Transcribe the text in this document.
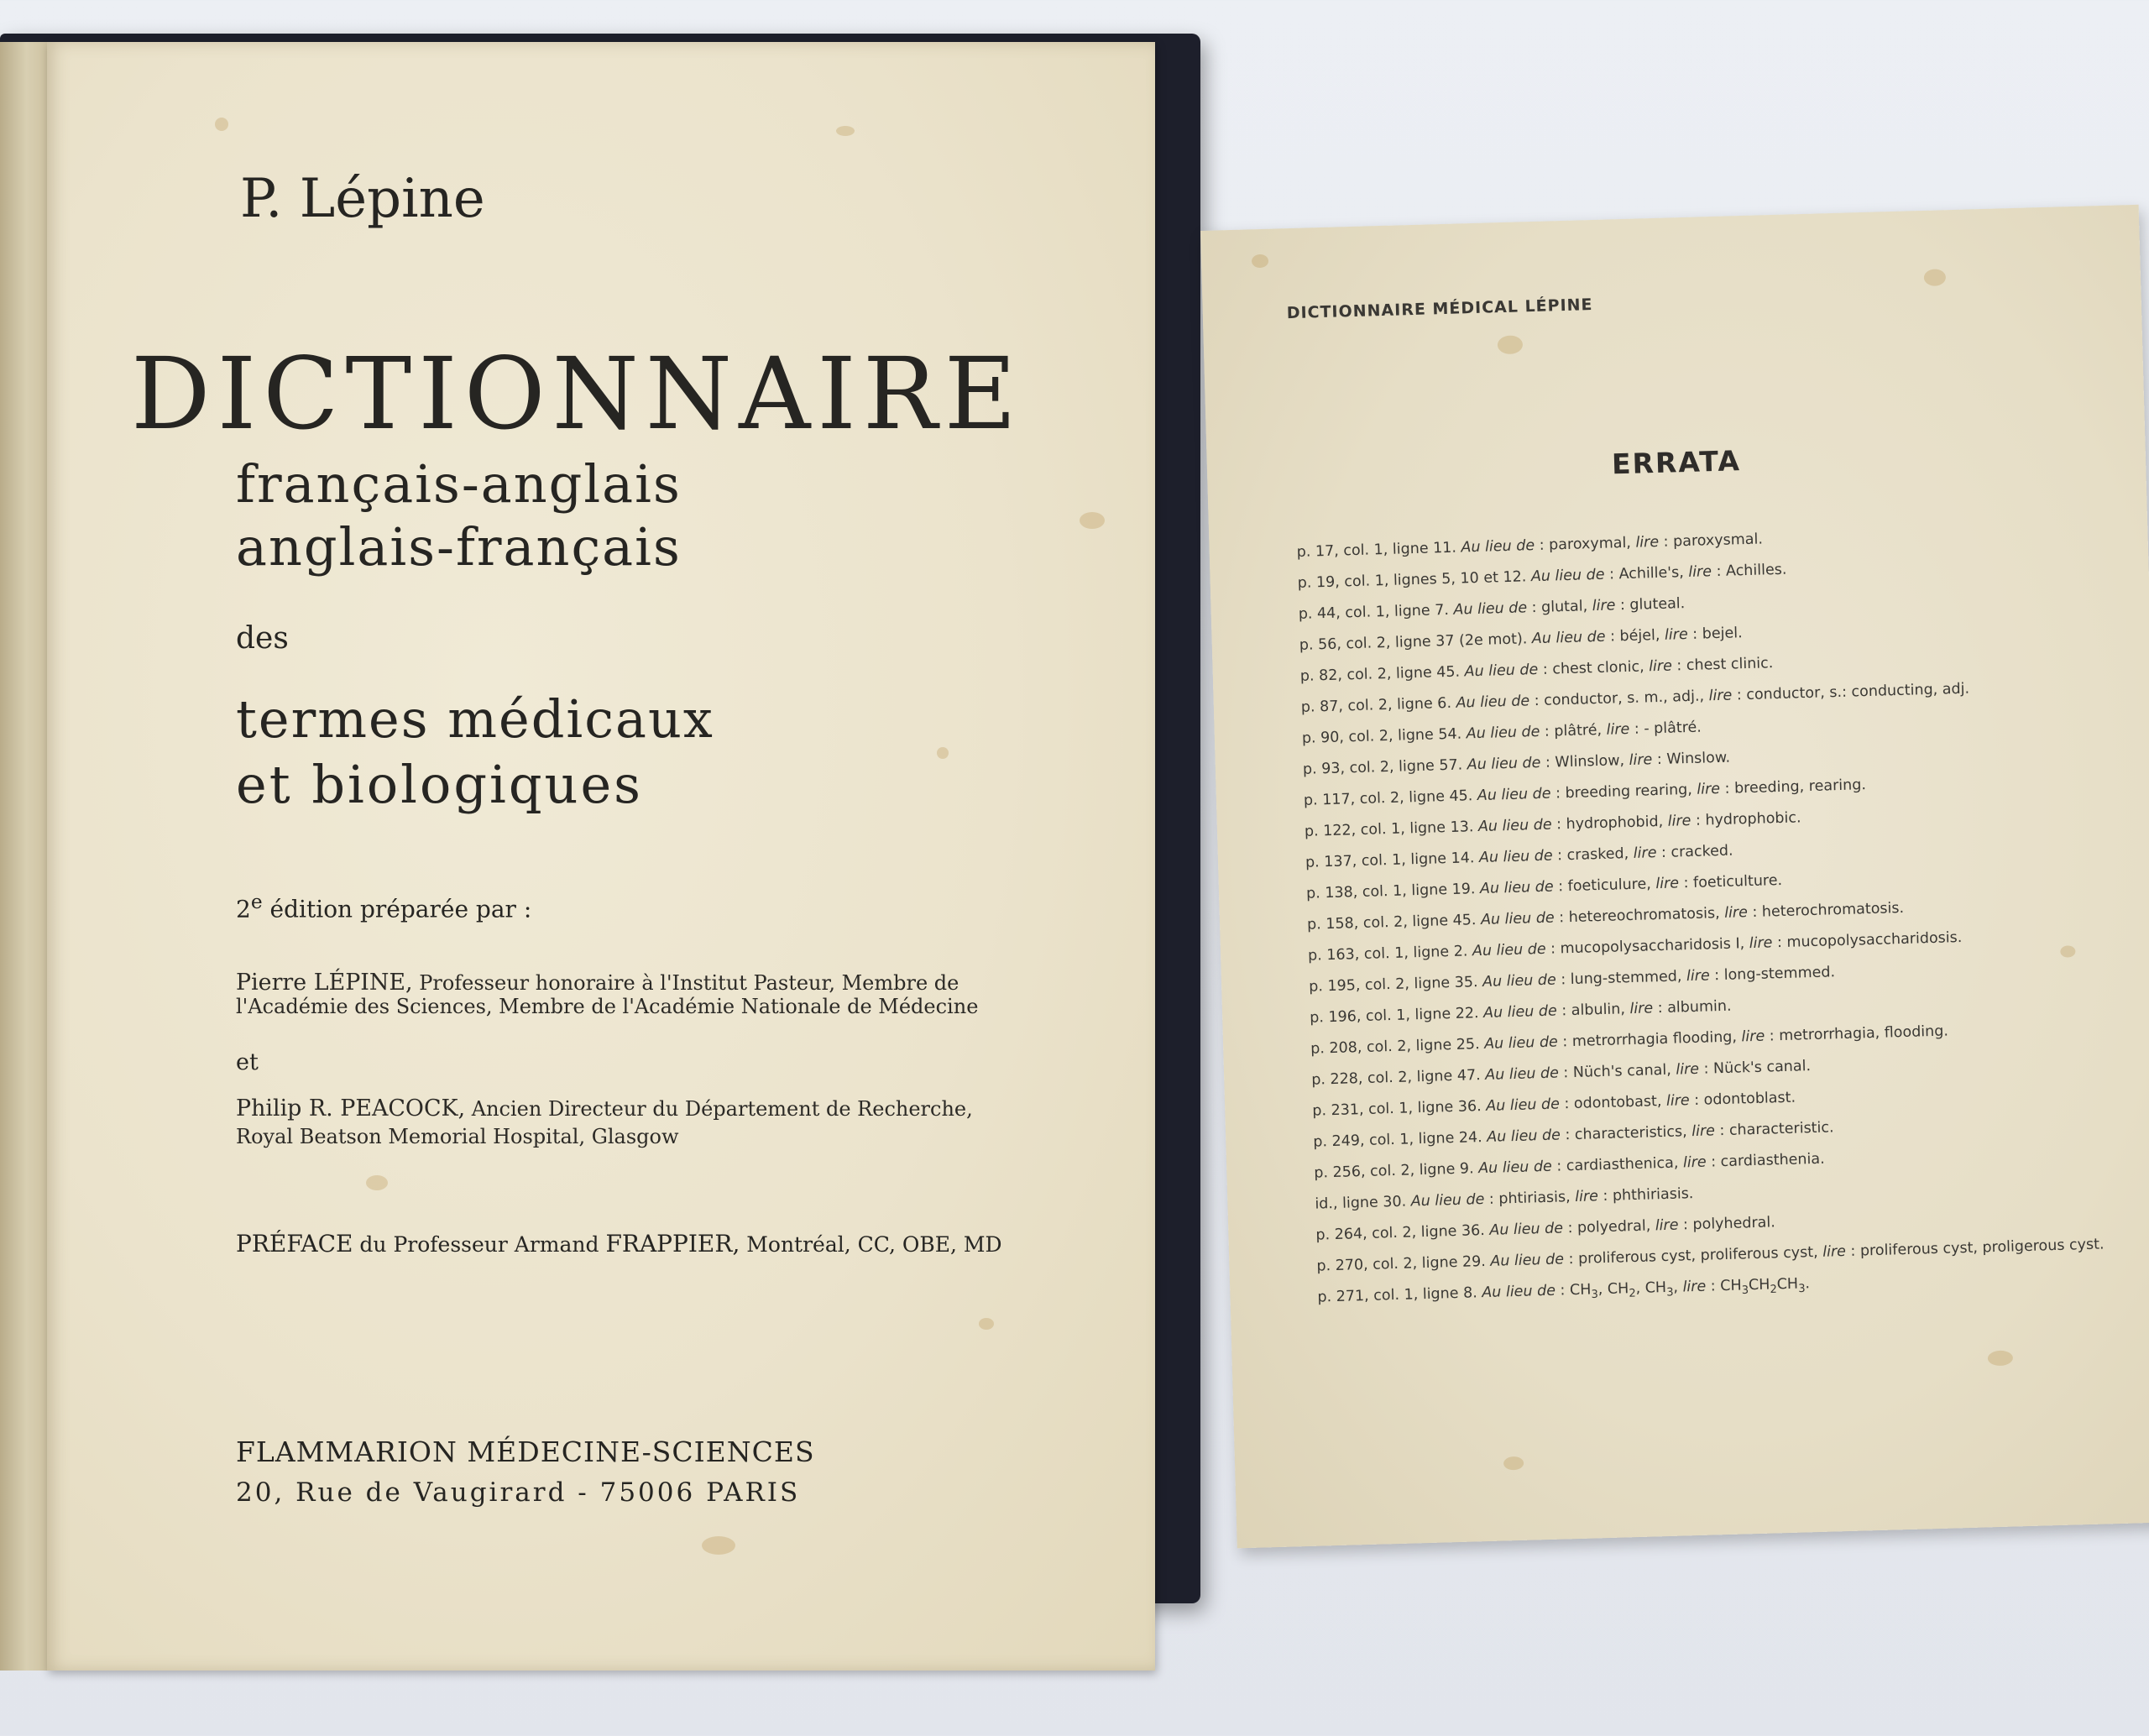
P. Lépine
DICTIONNAIRE
français-anglais
anglais-français
des
termes médicaux
et biologiques
2e édition préparée par :
Pierre LÉPINE, Professeur honoraire à l'Institut Pasteur, Membre de
l'Académie des Sciences, Membre de l'Académie Nationale de Médecine
et
Philip R. PEACOCK, Ancien Directeur du Département de Recherche,
Royal Beatson Memorial Hospital, Glasgow
PRÉFACE du Professeur Armand FRAPPIER, Montréal, CC, OBE, MD
FLAMMARION MÉDECINE-SCIENCES
20, Rue de Vaugirard - 75006 PARIS
DICTIONNAIRE MÉDICAL LÉPINE
ERRATA
p. 17, col. 1, ligne 11. Au lieu de : paroxymal, lire : paroxysmal.
p. 19, col. 1, lignes 5, 10 et 12. Au lieu de : Achille's, lire : Achilles.
p. 44, col. 1, ligne 7. Au lieu de : glutal, lire : gluteal.
p. 56, col. 2, ligne 37 (2e mot). Au lieu de : béjel, lire : bejel.
p. 82, col. 2, ligne 45. Au lieu de : chest clonic, lire : chest clinic.
p. 87, col. 2, ligne 6. Au lieu de : conductor, s. m., adj., lire : conductor, s.: conducting, adj.
p. 90, col. 2, ligne 54. Au lieu de : plâtré, lire : - plâtré.
p. 93, col. 2, ligne 57. Au lieu de : Wlinslow, lire : Winslow.
p. 117, col. 2, ligne 45. Au lieu de : breeding rearing, lire : breeding, rearing.
p. 122, col. 1, ligne 13. Au lieu de : hydrophobid, lire : hydrophobic.
p. 137, col. 1, ligne 14. Au lieu de : crasked, lire : cracked.
p. 138, col. 1, ligne 19. Au lieu de : foeticulure, lire : foeticulture.
p. 158, col. 2, ligne 45. Au lieu de : hetereochromatosis, lire : heterochromatosis.
p. 163, col. 1, ligne 2. Au lieu de : mucopolysaccharidosis I, lire : mucopolysaccharidosis.
p. 195, col. 2, ligne 35. Au lieu de : lung-stemmed, lire : long-stemmed.
p. 196, col. 1, ligne 22. Au lieu de : albulin, lire : albumin.
p. 208, col. 2, ligne 25. Au lieu de : metrorrhagia flooding, lire : metrorrhagia, flooding.
p. 228, col. 2, ligne 47. Au lieu de : Nüch's canal, lire : Nück's canal.
p. 231, col. 1, ligne 36. Au lieu de : odontobast, lire : odontoblast.
p. 249, col. 1, ligne 24. Au lieu de : characteristics, lire : characteristic.
p. 256, col. 2, ligne 9. Au lieu de : cardiasthenica, lire : cardiasthenia.
id., ligne 30. Au lieu de : phtiriasis, lire : phthiriasis.
p. 264, col. 2, ligne 36. Au lieu de : polyedral, lire : polyhedral.
p. 270, col. 2, ligne 29. Au lieu de : proliferous cyst, proliferous cyst, lire : proliferous cyst, proligerous cyst.
p. 271, col. 1, ligne 8. Au lieu de : $CH_3$, $CH_2$, $CH_3$, lire : $CH_3CH_2CH_3$.
